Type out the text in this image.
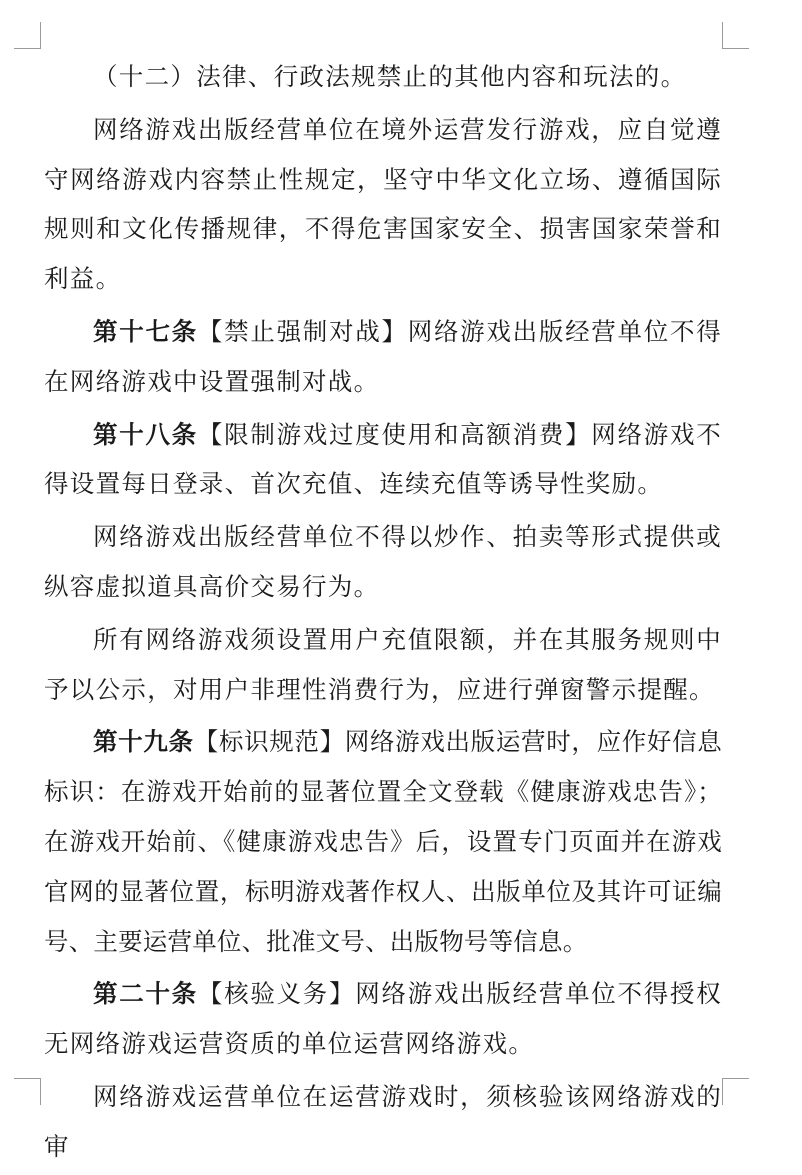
（十二）法律、行政法规禁止的其他内容和玩法的。

网络游戏出版经营单位在境外运营发行游戏，应自觉遵守网络游戏内容禁止性规定，坚守中华文化立场、遵循国际规则和文化传播规律，不得危害国家安全、损害国家荣誉和利益。

第十七条【禁止强制对战】网络游戏出版经营单位不得在网络游戏中设置强制对战。

第十八条【限制游戏过度使用和高额消费】网络游戏不得设置每日登录、首次充值、连续充值等诱导性奖励。

网络游戏出版经营单位不得以炒作、拍卖等形式提供或纵容虚拟道具高价交易行为。

所有网络游戏须设置用户充值限额，并在其服务规则中予以公示，对用户非理性消费行为，应进行弹窗警示提醒。

第十九条【标识规范】网络游戏出版运营时，应作好信息标识：在游戏开始前的显著位置全文登载《健康游戏忠告》；在游戏开始前、《健康游戏忠告》后，设置专门页面并在游戏官网的显著位置，标明游戏著作权人、出版单位及其许可证编号、主要运营单位、批准文号、出版物号等信息。

第二十条【核验义务】网络游戏出版经营单位不得授权无网络游戏运营资质的单位运营网络游戏。

网络游戏运营单位在运营游戏时，须核验该网络游戏的审
